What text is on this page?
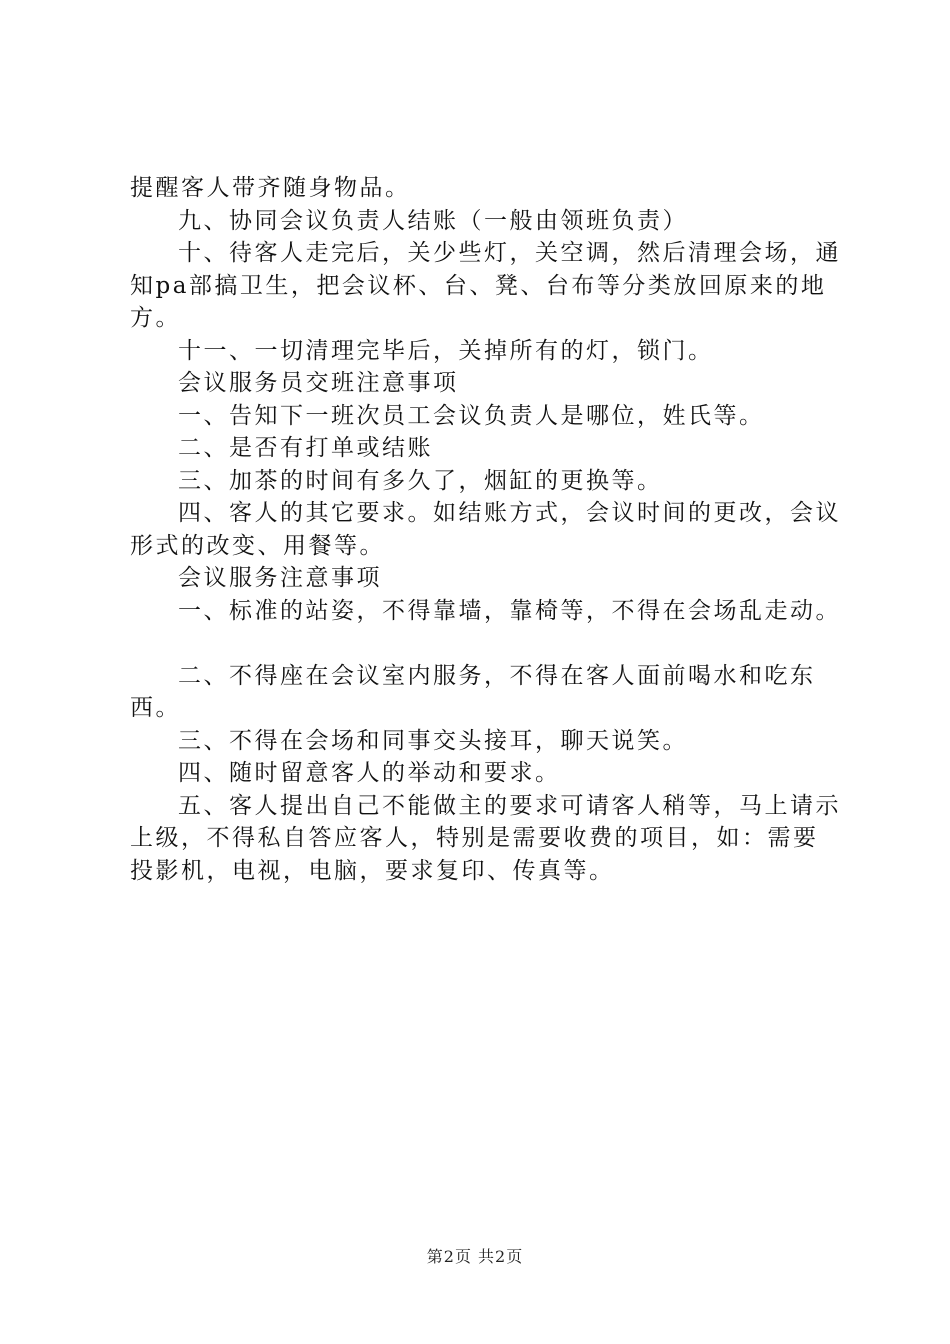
提醒客人带齐随身物品。

九、协同会议负责人结账（一般由领班负责）

十、待客人走完后，关少些灯，关空调，然后清理会场，通知pa部搞卫生，把会议杯、台、凳、台布等分类放回原来的地方。

十一、一切清理完毕后，关掉所有的灯，锁门。

会议服务员交班注意事项

一、告知下一班次员工会议负责人是哪位，姓氏等。

二、是否有打单或结账

三、加茶的时间有多久了，烟缸的更换等。

四、客人的其它要求。如结账方式，会议时间的更改，会议形式的改变、用餐等。

会议服务注意事项

一、标准的站姿，不得靠墙，靠椅等，不得在会场乱走动。

二、不得座在会议室内服务，不得在客人面前喝水和吃东西。

三、不得在会场和同事交头接耳，聊天说笑。

四、随时留意客人的举动和要求。

五、客人提出自己不能做主的要求可请客人稍等，马上请示上级，不得私自答应客人，特别是需要收费的项目，如：需要投影机，电视，电脑，要求复印、传真等。

第2页 共2页
